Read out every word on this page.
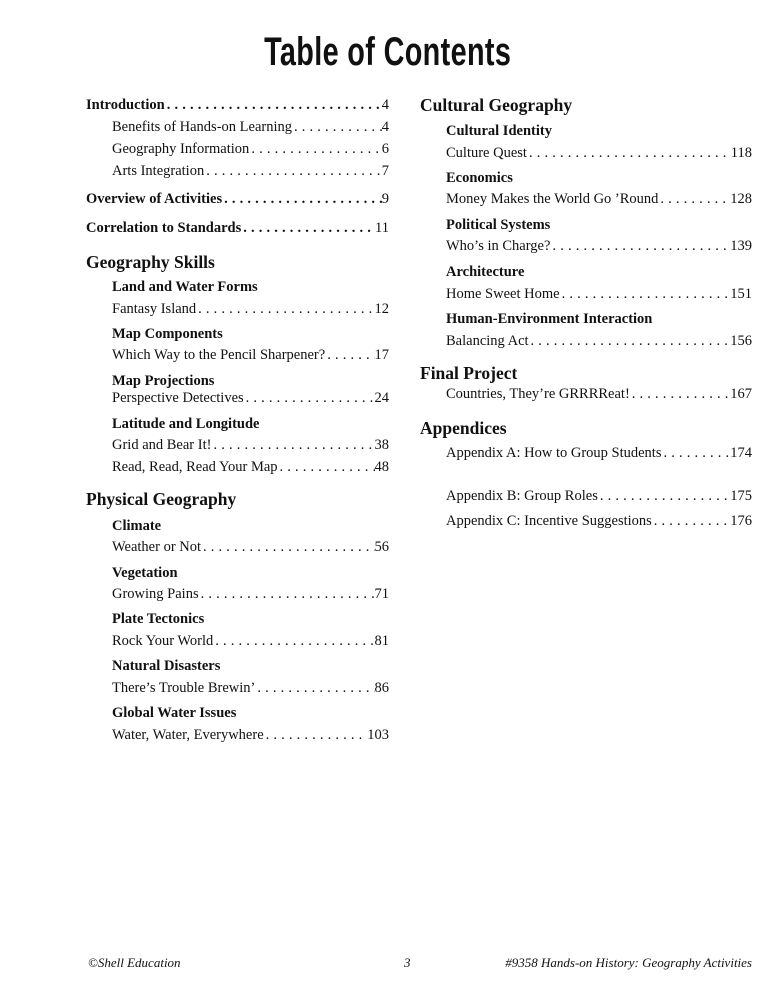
Table of Contents
Introduction . . .	4
Benefits of Hands-on Learning . . .	4
Geography Information . . .	6
Arts Integration . . .	7
Overview of Activities . . .	9
Correlation to Standards . . .	11
Geography Skills
Land and Water Forms
Fantasy Island . . .	12
Map Components
Which Way to the Pencil Sharpener? . . .	17
Map Projections
Perspective Detectives . . .	24
Latitude and Longitude
Grid and Bear It! . . .	38
Read, Read, Read Your Map . . .	48
Physical Geography
Climate
Weather or Not . . .	56
Vegetation
Growing Pains . . .	71
Plate Tectonics
Rock Your World . . .	81
Natural Disasters
There’s Trouble Brewin’ . . .	86
Global Water Issues
Water, Water, Everywhere . . .	103
Cultural Geography
Cultural Identity
Culture Quest . . .	118
Economics
Money Makes the World Go ’Round . . .	128
Political Systems
Who’s in Charge? . . .	139
Architecture
Home Sweet Home . . .	151
Human-Environment Interaction
Balancing Act . . .	156
Final Project
Countries, They’re GRRRReat! . . .	167
Appendices
Appendix A: How to Group Students . . .	174
Appendix B: Group Roles . . .	175
Appendix C: Incentive Suggestions . . .	176
©Shell Education	3	#9358 Hands-on History: Geography Activities
